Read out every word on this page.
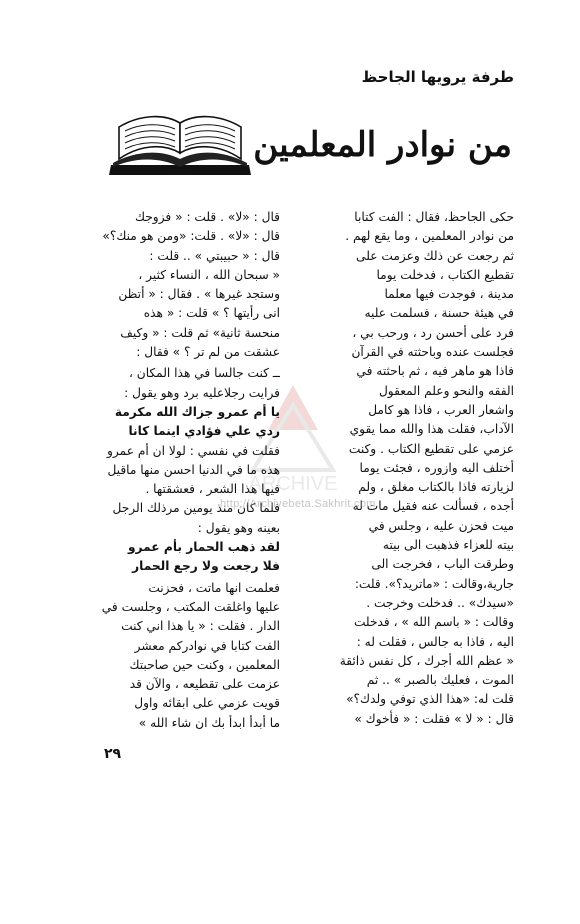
طرفة يرويها الجاحظ
من نوادر المعلمين
ARCHIVE
حكى الجاحظ، فقال : الفت كتابا
من نوادر المعلمين ، وما يقع لهم .
ثم رجعت عن ذلك وعزمت على
تقطيع الكتاب ، فدخلت يوما
مدينة ، فوجدت فيها معلما
في هيئة حسنة ، فسلمت عليه
فرد على أحسن رد ، ورحب بي ،
فجلست عنده وباحثته في القرآن
فاذا هو ماهر فيه ، ثم باحثته في
الفقه والنحو وعلم المعقول
واشعار العرب ، فاذا هو كامل
الآداب، فقلت هذا والله مما يقوي
عزمي على تقطيع الكتاب . وكنت
أختلف اليه وازوره ، فجئت يوما
لزيارته فاذا بالكتاب مغلق ، ولم
أجده ، فسألت عنه فقيل مات له
ميت فحزن عليه ، وجلس في
بيته للعزاء فذهبت الى بيته
وطرقت الباب ، فخرجت الى
جارية،وقالت : «ماتريد؟». قلت:
«سيدك» .. فدخلت وخرجت .
وقالت : « باسم الله » ، فدخلت
اليه ، فاذا به جالس ، فقلت له :
« عظم الله أجرك ، كل نفس ذائقة
الموت ، فعليك بالصبر » .. ثم
قلت له: «هذا الذي توفي ولدك؟»
قال : « لا » فقلت : « فأخوك »
قال : «لا» . قلت : « فزوجك
قال : «لا» . قلت: «ومن هو منك؟»
قال : « حبيبتي » .. قلت :
« سبحان الله ، النساء كثير ،
وستجد غيرها » . فقال : « أتظن
انى رأيتها ؟ » قلت : « هذه
منحسة ثانية» ثم قلت : « وكيف
عشقت من لم تر ؟ » فقال :
ــ كنت جالسا في هذا المكان ،
فرايت رجلاعليه برد وهو يقول :
يا أم عمرو جزاك الله مكرمة
ردي علي فؤادي اينما كانا
فقلت في نفسي : لولا ان أم عمرو
هذه ما في الدنيا احسن منها ماقيل
فيها هذا الشعر ، فعشقتها .
فلما كان منذ يومين مرذلك الرجل
بعينه وهو يقول :
لقد ذهب الحمار بأم عمرو
فلا رجعت ولا رجع الحمار
فعلمت انها ماتت ، فحزنت
عليها واغلقت المكتب ، وجلست في
الدار . فقلت : « يا هذا اني كنت
الفت كتابا في نوادركم معشر
المعلمين ، وكنت حين صاحبتك
عزمت على تقطيعه ، والآن قد
قويت عزمي على ابقائه واول
ما أبدأ ابدأ بك ان شاء الله »
http://Archivebeta.Sakhrit.com
٢٩
